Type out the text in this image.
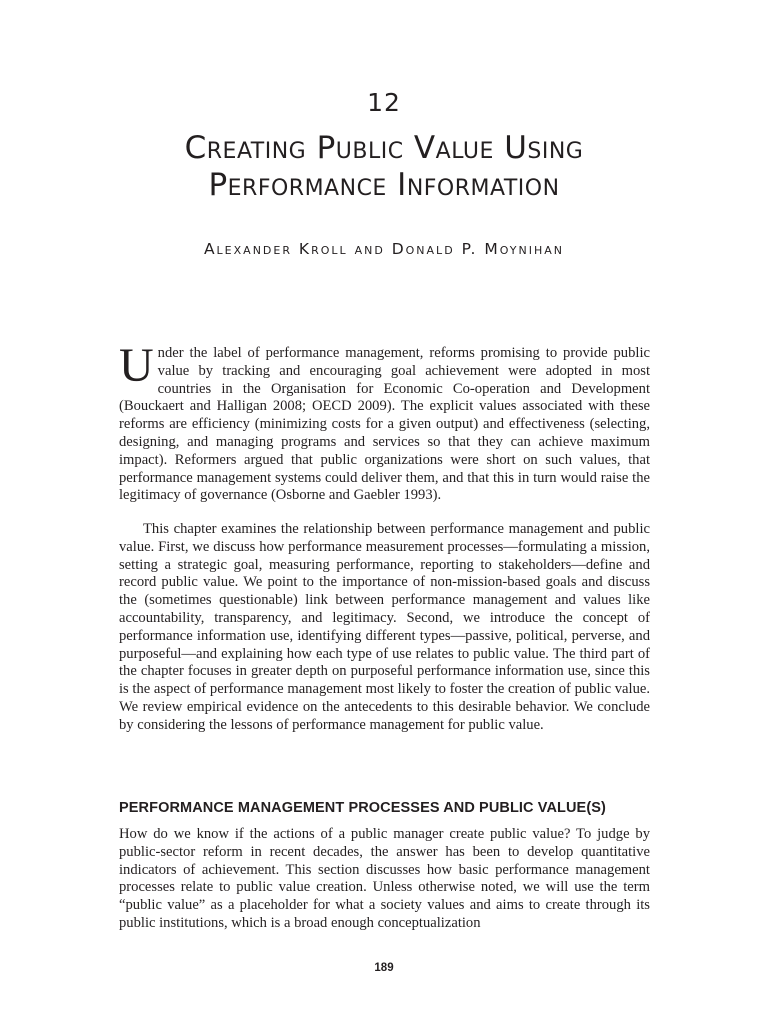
12
Creating Public Value Using
Performance Information
Alexander Kroll and Donald P. Moynihan
Under the label of performance management, reforms promising to provide public value by tracking and encouraging goal achievement were adopted in most countries in the Organisation for Economic Co-operation and Development (Bouckaert and Halligan 2008; OECD 2009). The explicit values associated with these reforms are efficiency (minimizing costs for a given output) and effectiveness (selecting, designing, and managing programs and services so that they can achieve maximum impact). Reformers argued that public organizations were short on such values, that performance management systems could deliver them, and that this in turn would raise the legitimacy of governance (Osborne and Gaebler 1993).

This chapter examines the relationship between performance management and public value. First, we discuss how performance measurement processes—formulating a mission, setting a strategic goal, measuring performance, reporting to stakeholders—define and record public value. We point to the importance of non-mission-based goals and discuss the (sometimes questionable) link between performance management and values like accountability, transparency, and legitimacy. Second, we introduce the concept of performance information use, identifying different types—passive, political, perverse, and purposeful—and explaining how each type of use relates to public value. The third part of the chapter focuses in greater depth on purposeful performance information use, since this is the aspect of performance management most likely to foster the creation of public value. We review empirical evidence on the antecedents to this desirable behavior. We conclude by considering the lessons of performance management for public value.

PERFORMANCE MANAGEMENT PROCESSES AND PUBLIC VALUE(S)

How do we know if the actions of a public manager create public value? To judge by public-sector reform in recent decades, the answer has been to develop quantitative indicators of achievement. This section discusses how basic performance management processes relate to public value creation. Unless otherwise noted, we will use the term “public value” as a placeholder for what a society values and aims to create through its public institutions, which is a broad enough conceptualization

189
